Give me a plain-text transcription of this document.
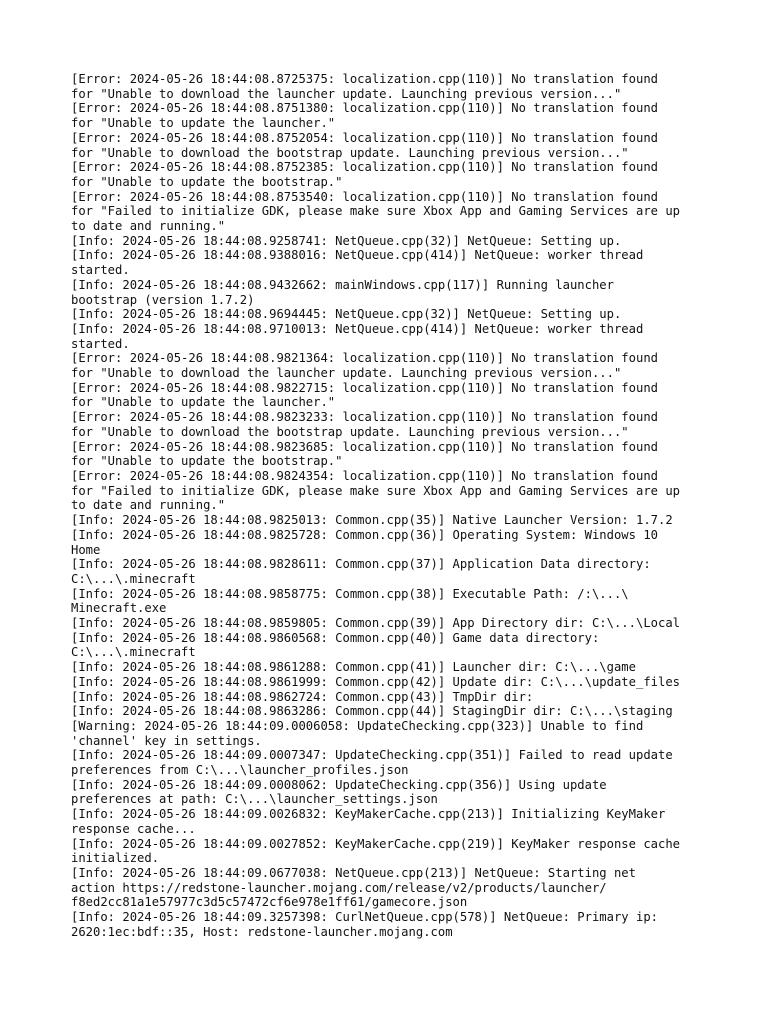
[Error: 2024-05-26 18:44:08.8725375: localization.cpp(110)] No translation found
for "Unable to download the launcher update. Launching previous version..."
[Error: 2024-05-26 18:44:08.8751380: localization.cpp(110)] No translation found
for "Unable to update the launcher."
[Error: 2024-05-26 18:44:08.8752054: localization.cpp(110)] No translation found
for "Unable to download the bootstrap update. Launching previous version..."
[Error: 2024-05-26 18:44:08.8752385: localization.cpp(110)] No translation found
for "Unable to update the bootstrap."
[Error: 2024-05-26 18:44:08.8753540: localization.cpp(110)] No translation found
for "Failed to initialize GDK, please make sure Xbox App and Gaming Services are up
to date and running."
[Info: 2024-05-26 18:44:08.9258741: NetQueue.cpp(32)] NetQueue: Setting up.
[Info: 2024-05-26 18:44:08.9388016: NetQueue.cpp(414)] NetQueue: worker thread
started.
[Info: 2024-05-26 18:44:08.9432662: mainWindows.cpp(117)] Running launcher
bootstrap (version 1.7.2)
[Info: 2024-05-26 18:44:08.9694445: NetQueue.cpp(32)] NetQueue: Setting up.
[Info: 2024-05-26 18:44:08.9710013: NetQueue.cpp(414)] NetQueue: worker thread
started.
[Error: 2024-05-26 18:44:08.9821364: localization.cpp(110)] No translation found
for "Unable to download the launcher update. Launching previous version..."
[Error: 2024-05-26 18:44:08.9822715: localization.cpp(110)] No translation found
for "Unable to update the launcher."
[Error: 2024-05-26 18:44:08.9823233: localization.cpp(110)] No translation found
for "Unable to download the bootstrap update. Launching previous version..."
[Error: 2024-05-26 18:44:08.9823685: localization.cpp(110)] No translation found
for "Unable to update the bootstrap."
[Error: 2024-05-26 18:44:08.9824354: localization.cpp(110)] No translation found
for "Failed to initialize GDK, please make sure Xbox App and Gaming Services are up
to date and running."
[Info: 2024-05-26 18:44:08.9825013: Common.cpp(35)] Native Launcher Version: 1.7.2
[Info: 2024-05-26 18:44:08.9825728: Common.cpp(36)] Operating System: Windows 10
Home
[Info: 2024-05-26 18:44:08.9828611: Common.cpp(37)] Application Data directory:
C:\...\.minecraft
[Info: 2024-05-26 18:44:08.9858775: Common.cpp(38)] Executable Path: /:\...\
Minecraft.exe
[Info: 2024-05-26 18:44:08.9859805: Common.cpp(39)] App Directory dir: C:\...\Local
[Info: 2024-05-26 18:44:08.9860568: Common.cpp(40)] Game data directory:
C:\...\.minecraft
[Info: 2024-05-26 18:44:08.9861288: Common.cpp(41)] Launcher dir: C:\...\game
[Info: 2024-05-26 18:44:08.9861999: Common.cpp(42)] Update dir: C:\...\update_files
[Info: 2024-05-26 18:44:08.9862724: Common.cpp(43)] TmpDir dir:
[Info: 2024-05-26 18:44:08.9863286: Common.cpp(44)] StagingDir dir: C:\...\staging
[Warning: 2024-05-26 18:44:09.0006058: UpdateChecking.cpp(323)] Unable to find
'channel' key in settings.
[Info: 2024-05-26 18:44:09.0007347: UpdateChecking.cpp(351)] Failed to read update
preferences from C:\...\launcher_profiles.json
[Info: 2024-05-26 18:44:09.0008062: UpdateChecking.cpp(356)] Using update
preferences at path: C:\...\launcher_settings.json
[Info: 2024-05-26 18:44:09.0026832: KeyMakerCache.cpp(213)] Initializing KeyMaker
response cache...
[Info: 2024-05-26 18:44:09.0027852: KeyMakerCache.cpp(219)] KeyMaker response cache
initialized.
[Info: 2024-05-26 18:44:09.0677038: NetQueue.cpp(213)] NetQueue: Starting net
action https://redstone-launcher.mojang.com/release/v2/products/launcher/
f8ed2cc81a1e57977c3d5c57472cf6e978e1ff61/gamecore.json
[Info: 2024-05-26 18:44:09.3257398: CurlNetQueue.cpp(578)] NetQueue: Primary ip:
2620:1ec:bdf::35, Host: redstone-launcher.mojang.com
